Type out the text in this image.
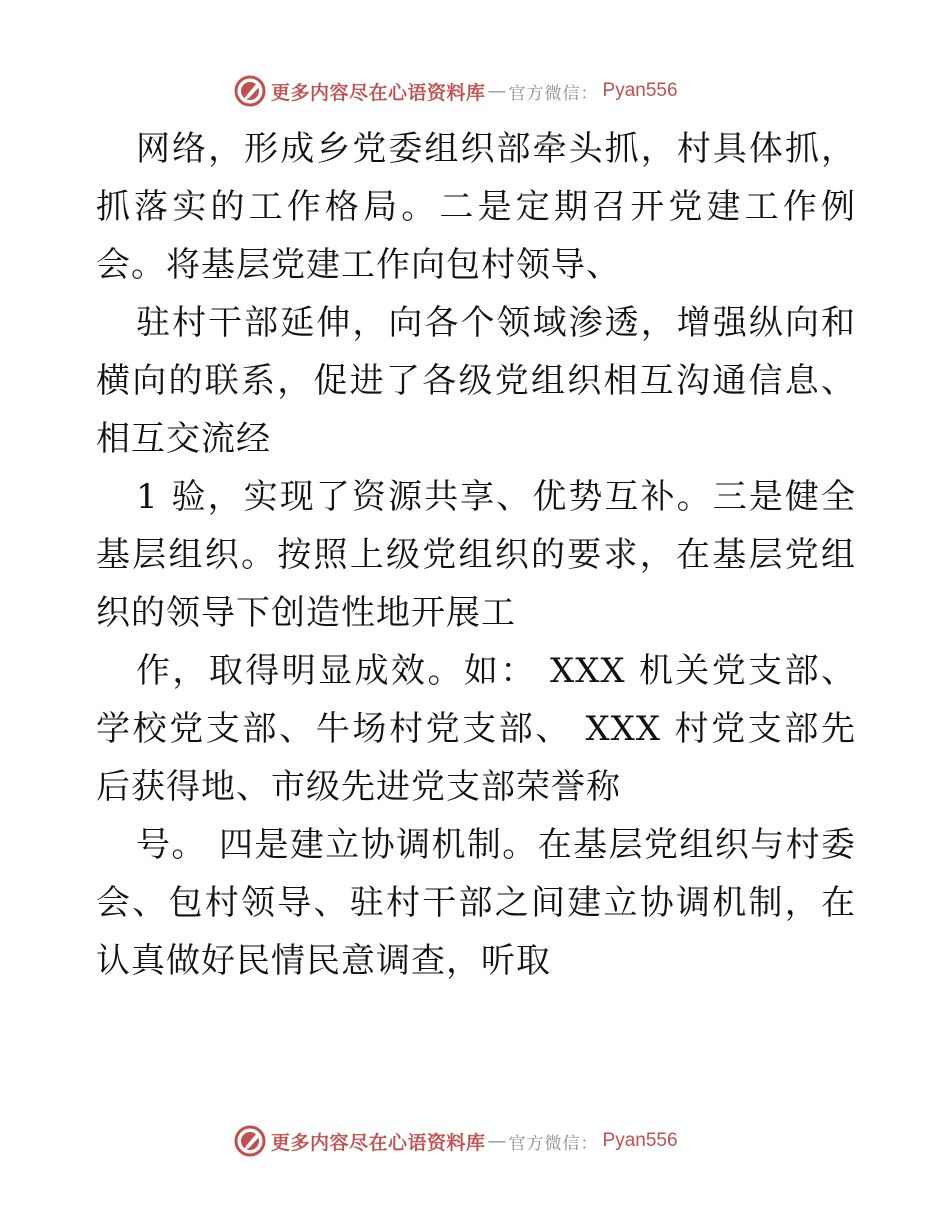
更多内容尽在心语资料库 — 官方微信： Pyan556

网络，形成乡党委组织部牵头抓，村具体抓，抓落实的工作格局。二是定期召开党建工作例会。将基层党建工作向包村领导、

驻村干部延伸，向各个领域渗透，增强纵向和横向的联系，促进了各级党组织相互沟通信息、相互交流经

1 验，实现了资源共享、优势互补。三是健全基层组织。按照上级党组织的要求，在基层党组织的领导下创造性地开展工

作，取得明显成效。如： XXX 机关党支部、学校党支部、牛场村党支部、 XXX 村党支部先后获得地、市级先进党支部荣誉称

号。 四是建立协调机制。在基层党组织与村委会、包村领导、驻村干部之间建立协调机制，在认真做好民情民意调查，听取

更多内容尽在心语资料库 — 官方微信： Pyan556
